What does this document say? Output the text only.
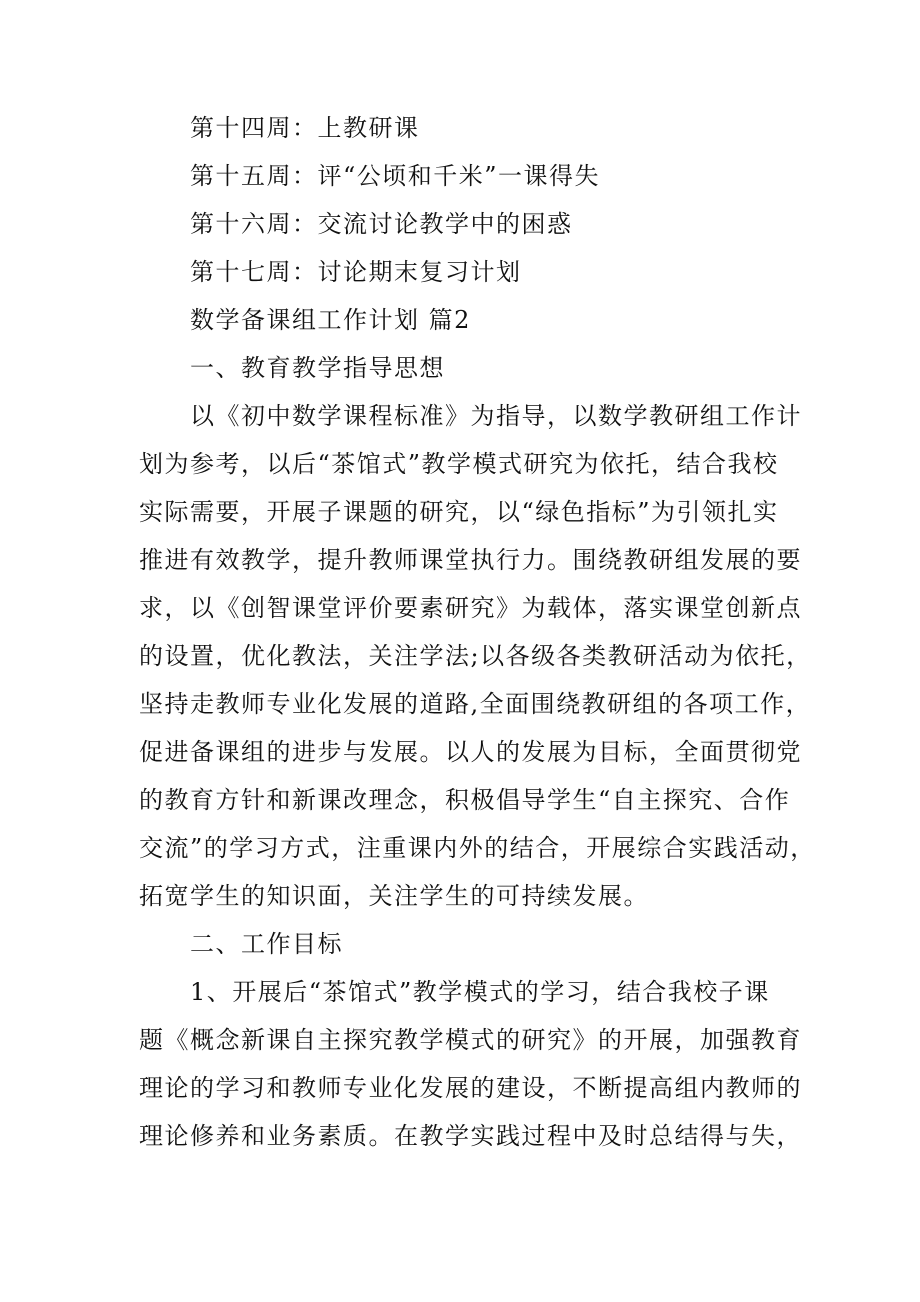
第十四周：上教研课
第十五周：评“公顷和千米”一课得失
第十六周：交流讨论教学中的困惑
第十七周：讨论期末复习计划
数学备课组工作计划 篇2
一、教育教学指导思想
以《初中数学课程标准》为指导，以数学教研组工作计
划为参考，以后“茶馆式”教学模式研究为依托，结合我校
实际需要，开展子课题的研究，以“绿色指标”为引领扎实
推进有效教学，提升教师课堂执行力。围绕教研组发展的要
求，以《创智课堂评价要素研究》为载体，落实课堂创新点
的设置，优化教法，关注学法;以各级各类教研活动为依托，
坚持走教师专业化发展的道路,全面围绕教研组的各项工作，
促进备课组的进步与发展。以人的发展为目标，全面贯彻党
的教育方针和新课改理念，积极倡导学生“自主探究、合作
交流”的学习方式，注重课内外的结合，开展综合实践活动，
拓宽学生的知识面，关注学生的可持续发展。
二、工作目标
1、开展后“茶馆式”教学模式的学习，结合我校子课
题《概念新课自主探究教学模式的研究》的开展，加强教育
理论的学习和教师专业化发展的建设，不断提高组内教师的
理论修养和业务素质。在教学实践过程中及时总结得与失，
